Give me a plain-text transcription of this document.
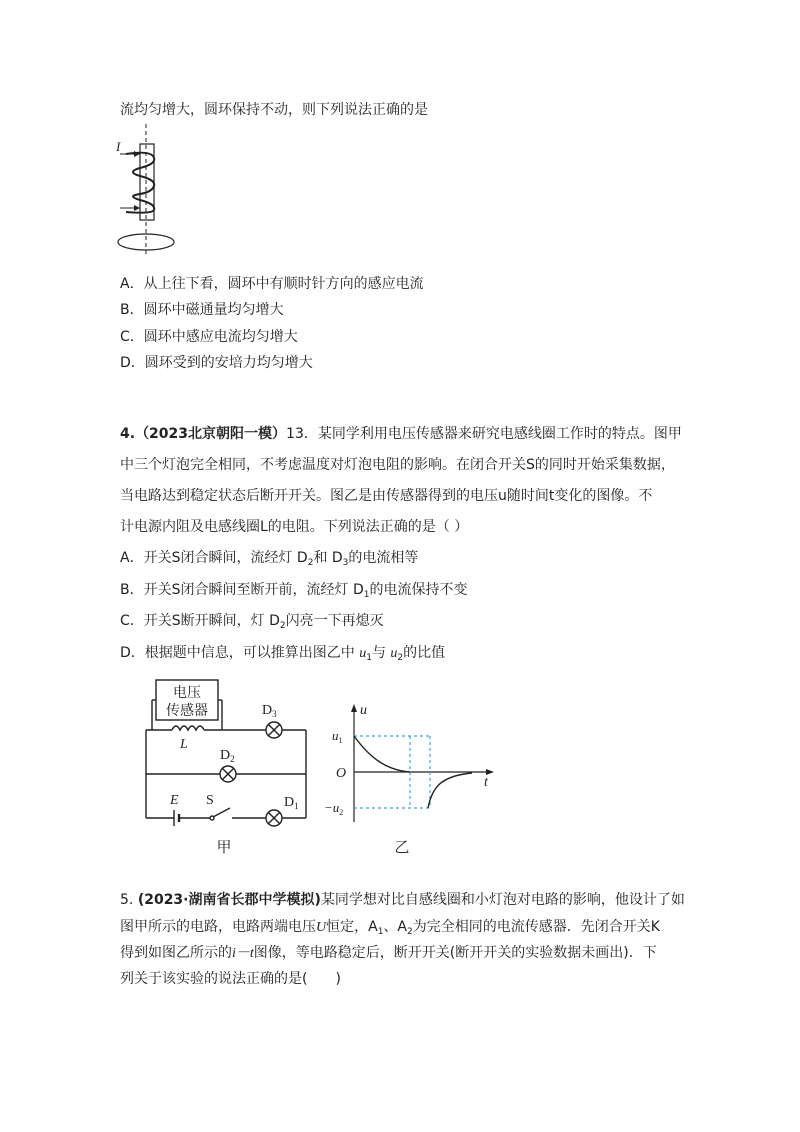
流均匀增大，圆环保持不动，则下列说法正确的是
I
A．从上往下看，圆环中有顺时针方向的感应电流
B．圆环中磁通量均匀增大
C．圆环中感应电流均匀增大
D．圆环受到的安培力均匀增大
4.（2023北京朝阳一模）13．某同学利用电压传感器来研究电感线圈工作时的特点。图甲
中三个灯泡完全相同，不考虑温度对灯泡电阻的影响。在闭合开关S的同时开始采集数据，
当电路达到稳定状态后断开开关。图乙是由传感器得到的电压u随时间t变化的图像。不
计电源内阻及电感线圈L的电阻。下列说法正确的是（ ）
A．开关S闭合瞬间，流经灯 $D_2$和 $D_3$的电流相等
B．开关S闭合瞬间至断开前，流经灯 $D_1$的电流保持不变
C．开关S断开瞬间，灯 $D_2$闪亮一下再熄灭
D．根据题中信息，可以推算出图乙中 $u_1$与 $u_2$的比值
电压
传感器
L
$D_3$
$D_2$
$D_1$
E S
甲
u
t
O
$u_1$
$-u_2$
乙
5. (2023·湖南省长郡中学模拟)某同学想对比自感线圈和小灯泡对电路的影响，他设计了如
图甲所示的电路，电路两端电压U恒定，$A_1$、$A_2$为完全相同的电流传感器．先闭合开关K
得到如图乙所示的i－t图像，等电路稳定后，断开开关(断开开关的实验数据未画出)．下
列关于该实验的说法正确的是(　　)
